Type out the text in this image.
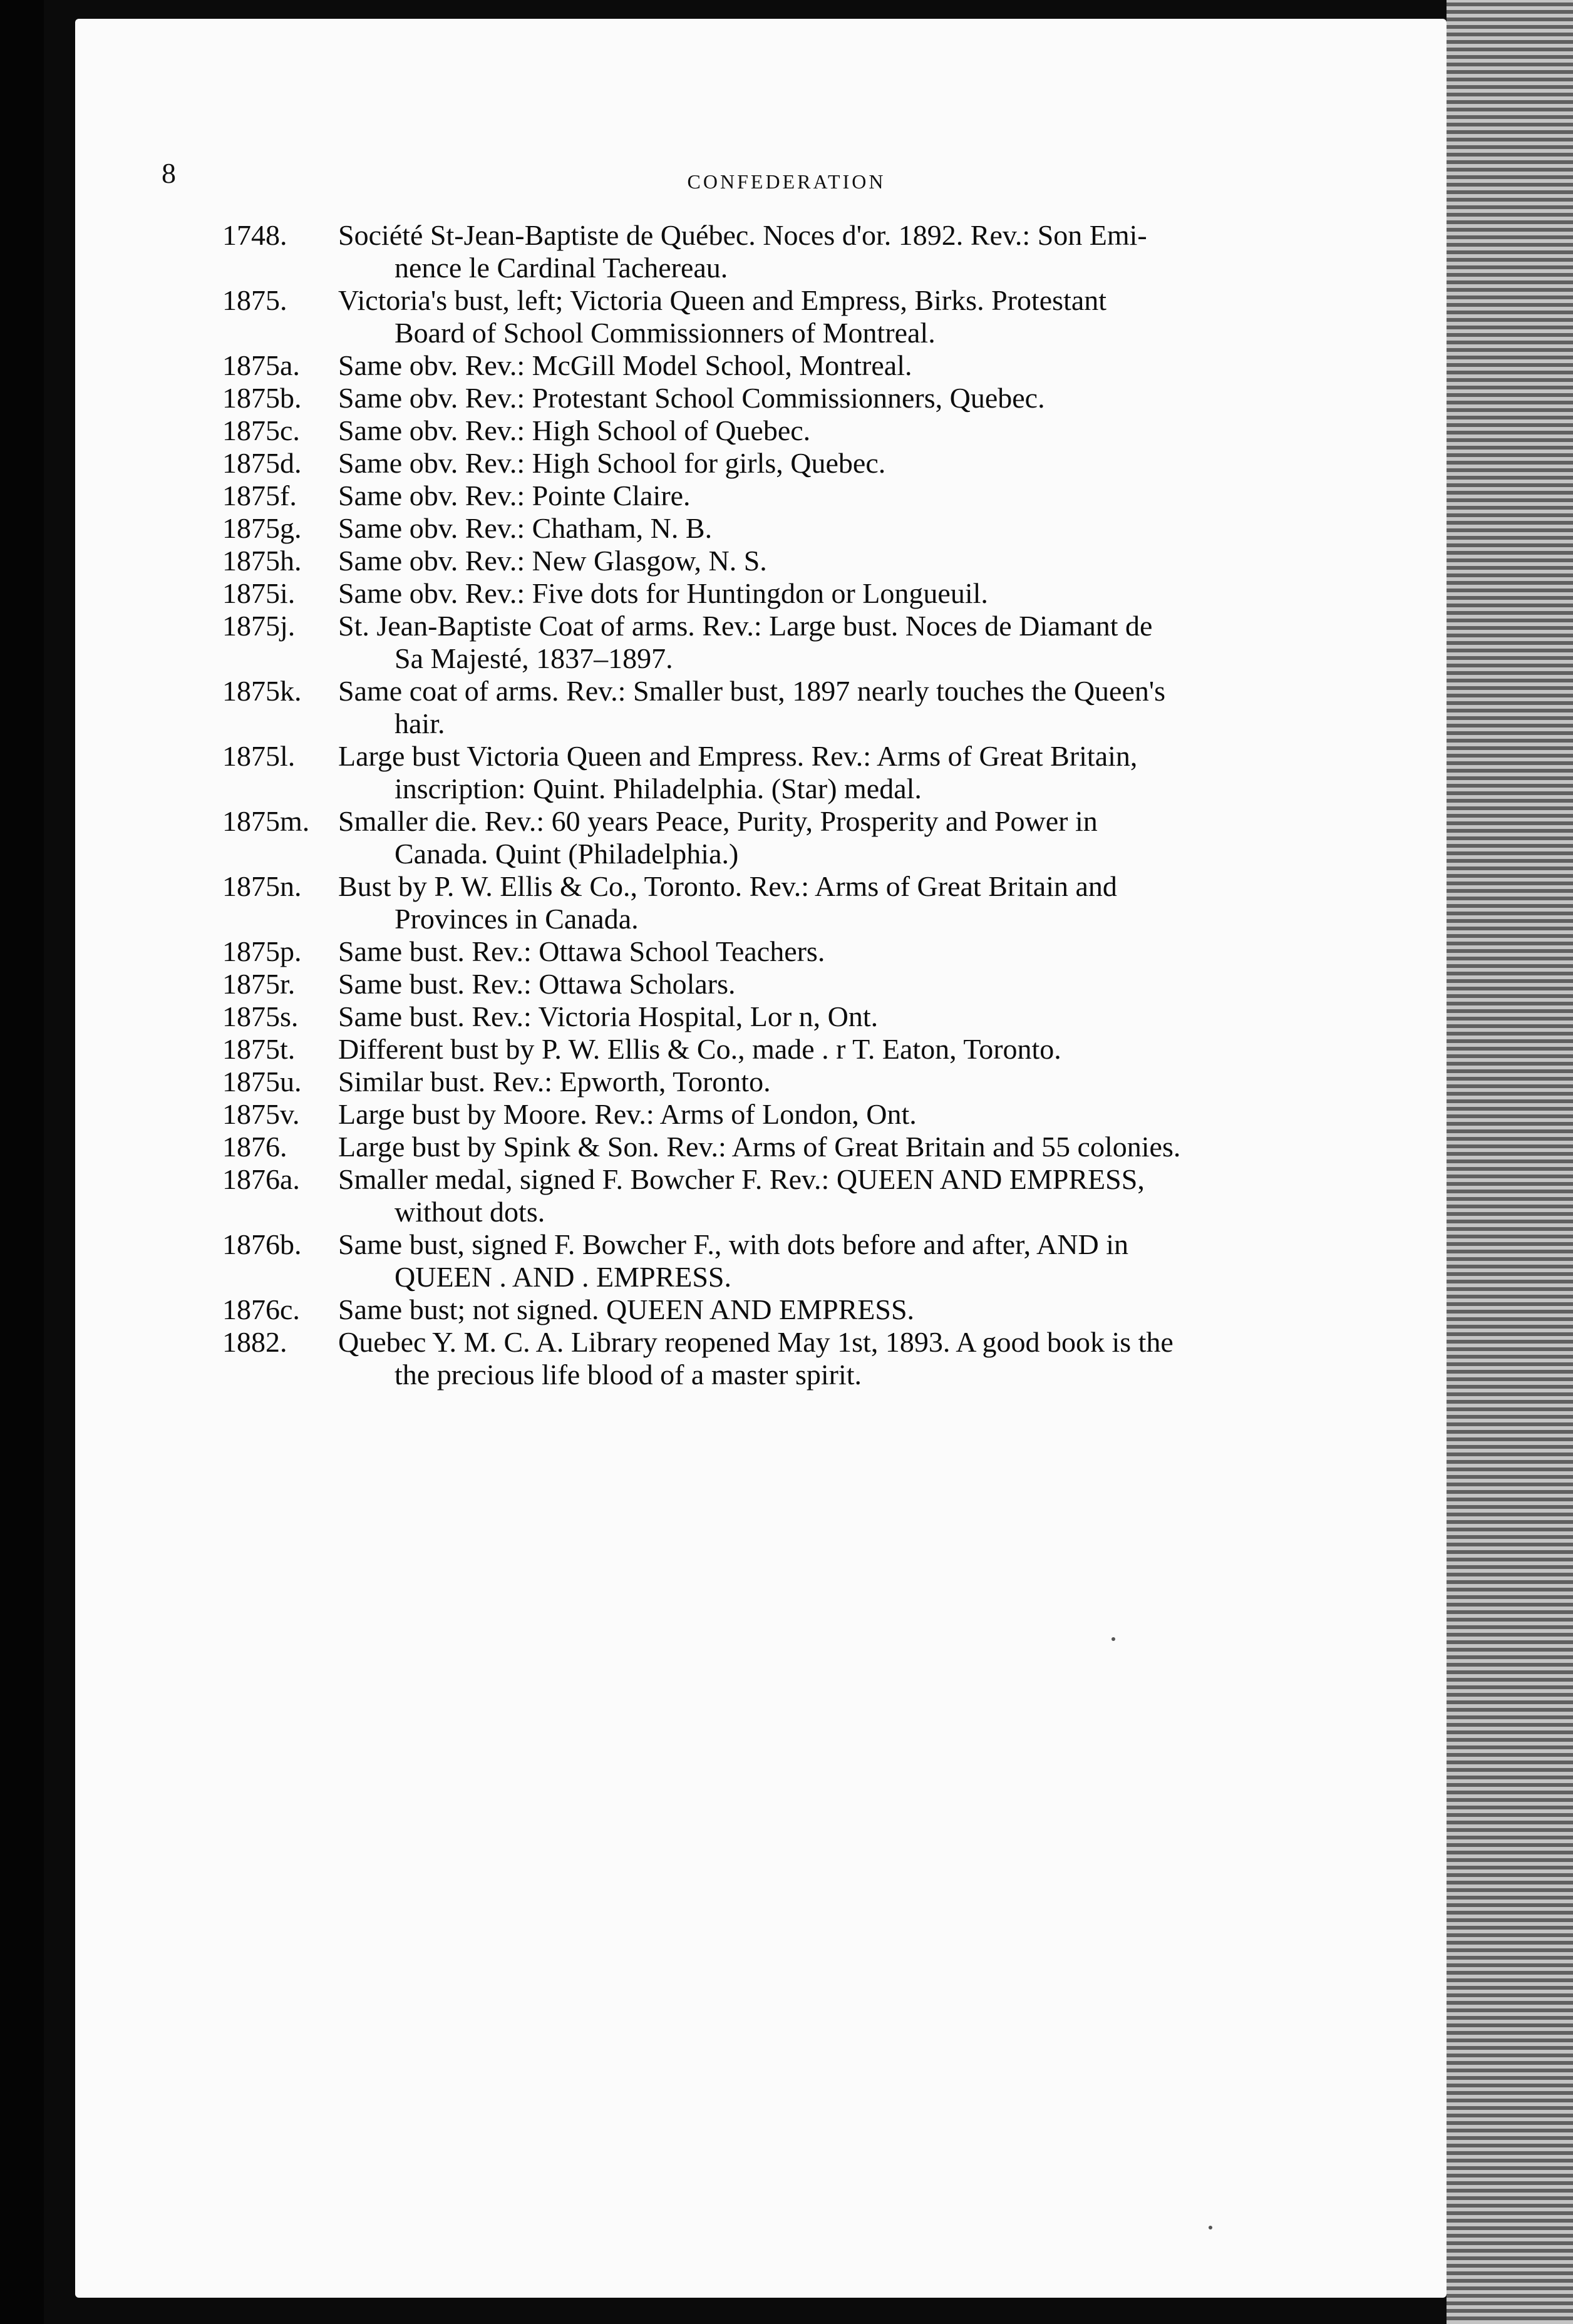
8	CONFEDERATION
1748.	Société St-Jean-Baptiste de Québec. Noces d'or. 1892. Rev.: Son Emi-
nence le Cardinal Tachereau.
1875.	Victoria's bust, left; Victoria Queen and Empress, Birks. Protestant
Board of School Commissionners of Montreal.
1875a.	Same obv. Rev.: McGill Model School, Montreal.
1875b.	Same obv. Rev.: Protestant School Commissionners, Quebec.
1875c.	Same obv. Rev.: High School of Quebec.
1875d.	Same obv. Rev.: High School for girls, Quebec.
1875f.	Same obv. Rev.: Pointe Claire.
1875g.	Same obv. Rev.: Chatham, N. B.
1875h.	Same obv. Rev.: New Glasgow, N. S.
1875i.	Same obv. Rev.: Five dots for Huntingdon or Longueuil.
1875j.	St. Jean-Baptiste Coat of arms. Rev.: Large bust. Noces de Diamant de
Sa Majesté, 1837–1897.
1875k.	Same coat of arms. Rev.: Smaller bust, 1897 nearly touches the Queen's
hair.
1875l.	Large bust Victoria Queen and Empress. Rev.: Arms of Great Britain,
inscription: Quint. Philadelphia. (Star) medal.
1875m. Smaller die. Rev.: 60 years Peace, Purity, Prosperity and Power in
Canada. Quint (Philadelphia.)
1875n.	Bust by P. W. Ellis & Co., Toronto. Rev.: Arms of Great Britain and
Provinces in Canada.
1875p.	Same bust. Rev.: Ottawa School Teachers.
1875r.	Same bust. Rev.: Ottawa Scholars.
1875s.	Same bust. Rev.: Victoria Hospital, Lor n, Ont.
1875t.	Different bust by P. W. Ellis & Co., made . r T. Eaton, Toronto.
1875u.	Similar bust. Rev.: Epworth, Toronto.
1875v.	Large bust by Moore. Rev.: Arms of London, Ont.
1876.	Large bust by Spink & Son. Rev.: Arms of Great Britain and 55 colonies.
1876a.	Smaller medal, signed F. Bowcher F. Rev.: QUEEN AND EMPRESS,
without dots.
1876b.	Same bust, signed F. Bowcher F., with dots before and after, AND in
QUEEN . AND . EMPRESS.
1876c.	Same bust; not signed. QUEEN AND EMPRESS.
1882.	Quebec Y. M. C. A. Library reopened May 1st, 1893. A good book is the
the precious life blood of a master spirit.
